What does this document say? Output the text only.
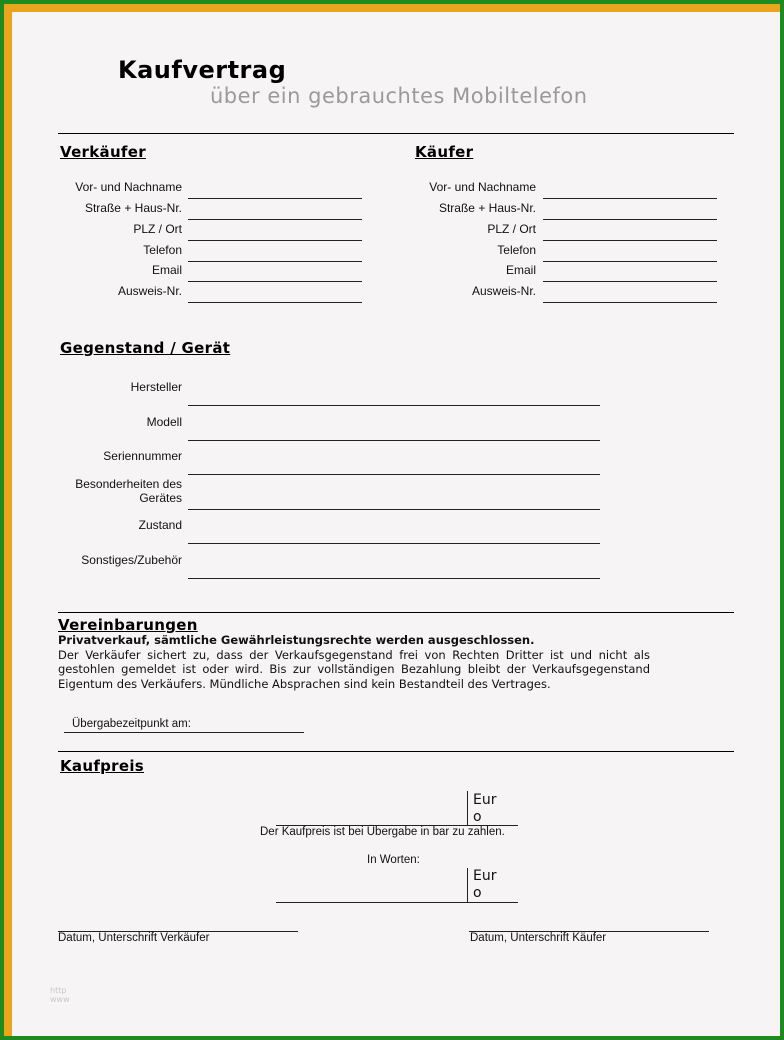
Kaufvertrag
über ein gebrauchtes Mobiltelefon
Verkäufer
Vor- und Nachname
Straße + Haus-Nr.
PLZ / Ort
Telefon
Email
Ausweis-Nr.
Käufer
Vor- und Nachname
Straße + Haus-Nr.
PLZ / Ort
Telefon
Email
Ausweis-Nr.
Gegenstand / Gerät
Hersteller
Modell
Seriennummer
Besonderheiten des
Gerätes
Zustand
Sonstiges/Zubehör
Vereinbarungen
Privatverkauf, sämtliche Gewährleistungsrechte werden ausgeschlossen.
Der Verkäufer sichert zu, dass der Verkaufsgegenstand frei von Rechten Dritter ist und nicht als gestohlen gemeldet ist oder wird. Bis zur vollständigen Bezahlung bleibt der Verkaufsgegenstand Eigentum des Verkäufers. Mündliche Absprachen sind kein Bestandteil des Vertrages.
Übergabezeitpunkt am:
Kaufpreis
Eur
o
Der Kaufpreis ist bei Übergabe in bar zu zahlen.
In Worten:
Eur
o
Datum, Unterschrift Verkäufer	Datum, Unterschrift Käufer
http
www
